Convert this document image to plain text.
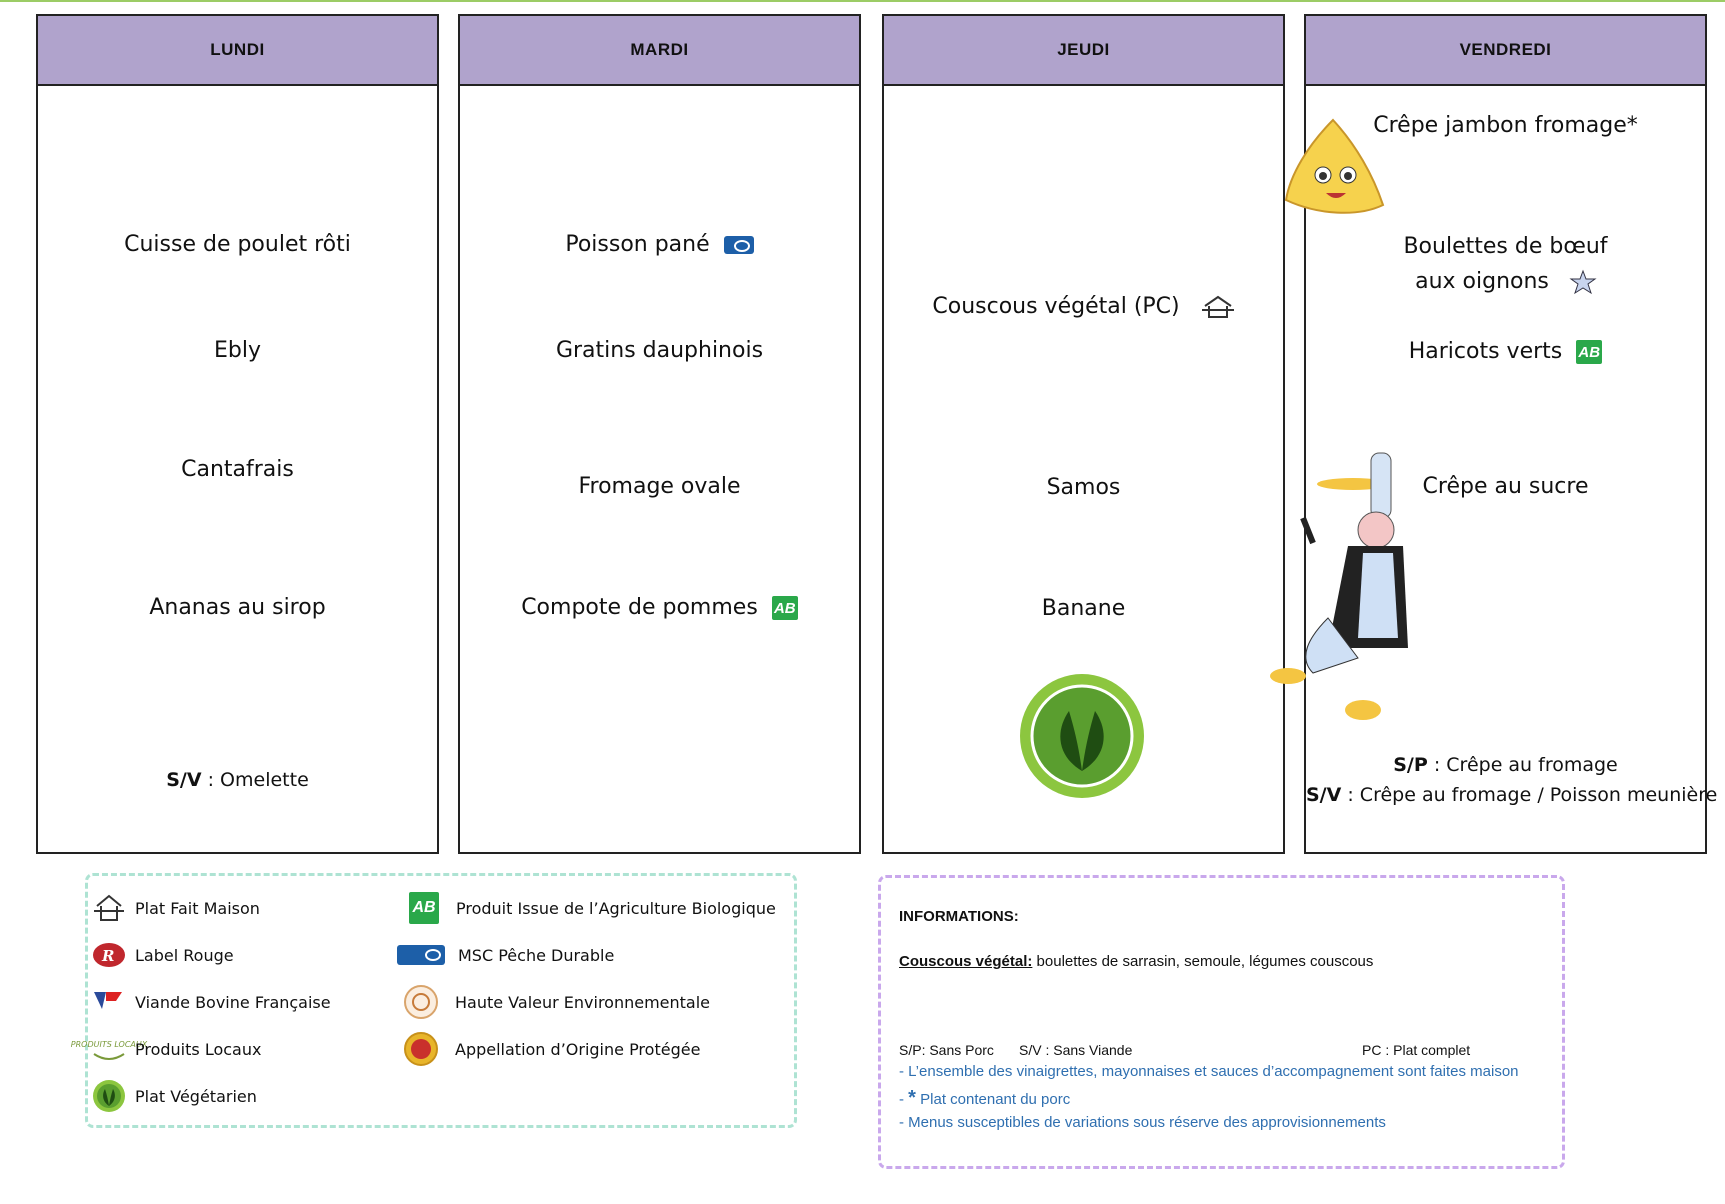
LUNDI
Cuisse de poulet rôti
Ebly
Cantafrais
Ananas au sirop
S/V : Omelette
MARDI
Poisson pané
Gratins dauphinois
Fromage ovale
Compote de pommes AB
JEUDI
Couscous végétal (PC)
Samos
Banane
VENDREDI
Crêpe jambon fromage*
Boulettes de bœuf
aux oignons
Haricots verts AB
Crêpe au sucre
S/P : Crêpe au fromage
S/V : Crêpe au fromage / Poisson meunière
Plat Fait Maison
R Label Rouge
Viande Bovine Française
PRODUITS LOCAUX
Produits Locaux
Plat Végétarien
AB Produit Issue de l’Agriculture Biologique
MSC Pêche Durable
Haute Valeur Environnementale
Appellation d’Origine Protégée
INFORMATIONS:
Couscous végétal: boulettes de sarrasin, semoule, légumes couscous
S/P: Sans Porc S/V : Sans Viande	PC : Plat complet
- L’ensemble des vinaigrettes, mayonnaises et sauces d’accompagnement sont faites maison
- * Plat contenant du porc
- Menus susceptibles de variations sous réserve des approvisionnements
